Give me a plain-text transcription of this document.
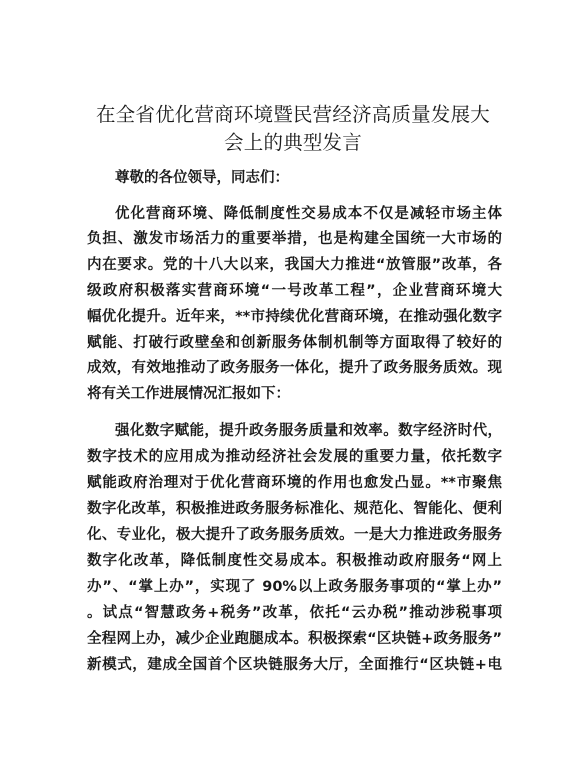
在全省优化营商环境暨民营经济高质量发展大
会上的典型发言
尊敬的各位领导，同志们：
优化营商环境、降低制度性交易成本不仅是减轻市场主体
负担、激发市场活力的重要举措，也是构建全国统一大市场的
内在要求。党的十八大以来，我国大力推进“放管服”改革，各
级政府积极落实营商环境“一号改革工程”，企业营商环境大
幅优化提升。近年来，**市持续优化营商环境，在推动强化数字
赋能、打破行政壁垒和创新服务体制机制等方面取得了较好的
成效，有效地推动了政务服务一体化，提升了政务服务质效。现
将有关工作进展情况汇报如下：
强化数字赋能，提升政务服务质量和效率。数字经济时代，
数字技术的应用成为推动经济社会发展的重要力量，依托数字
赋能政府治理对于优化营商环境的作用也愈发凸显。**市聚焦
数字化改革，积极推进政务服务标准化、规范化、智能化、便利
化、专业化，极大提升了政务服务质效。一是大力推进政务服务
数字化改革，降低制度性交易成本。积极推动政府服务“网上
办”、“掌上办”，实现了 90%以上政务服务事项的“掌上办”
。试点“智慧政务+税务”改革，依托“云办税”推动涉税事项
全程网上办，减少企业跑腿成本。积极探索“区块链+政务服务”
新模式，建成全国首个区块链服务大厅，全面推行“区块链+电
